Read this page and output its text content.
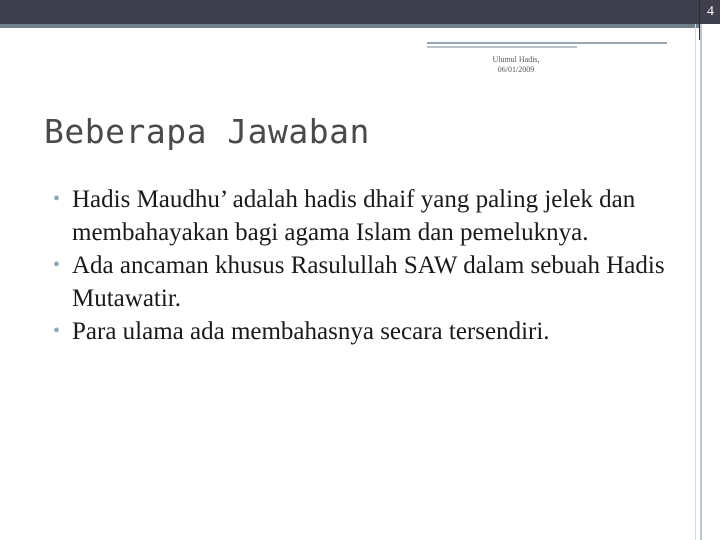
4
Ulumul Hadis,
06/01/2009
Beberapa Jawaban
• Hadis Maudhu’ adalah hadis dhaif yang paling jelek dan membahayakan bagi agama Islam dan pemeluknya.
• Ada ancaman khusus Rasulullah SAW dalam sebuah Hadis Mutawatir.
• Para ulama ada membahasnya secara tersendiri.
